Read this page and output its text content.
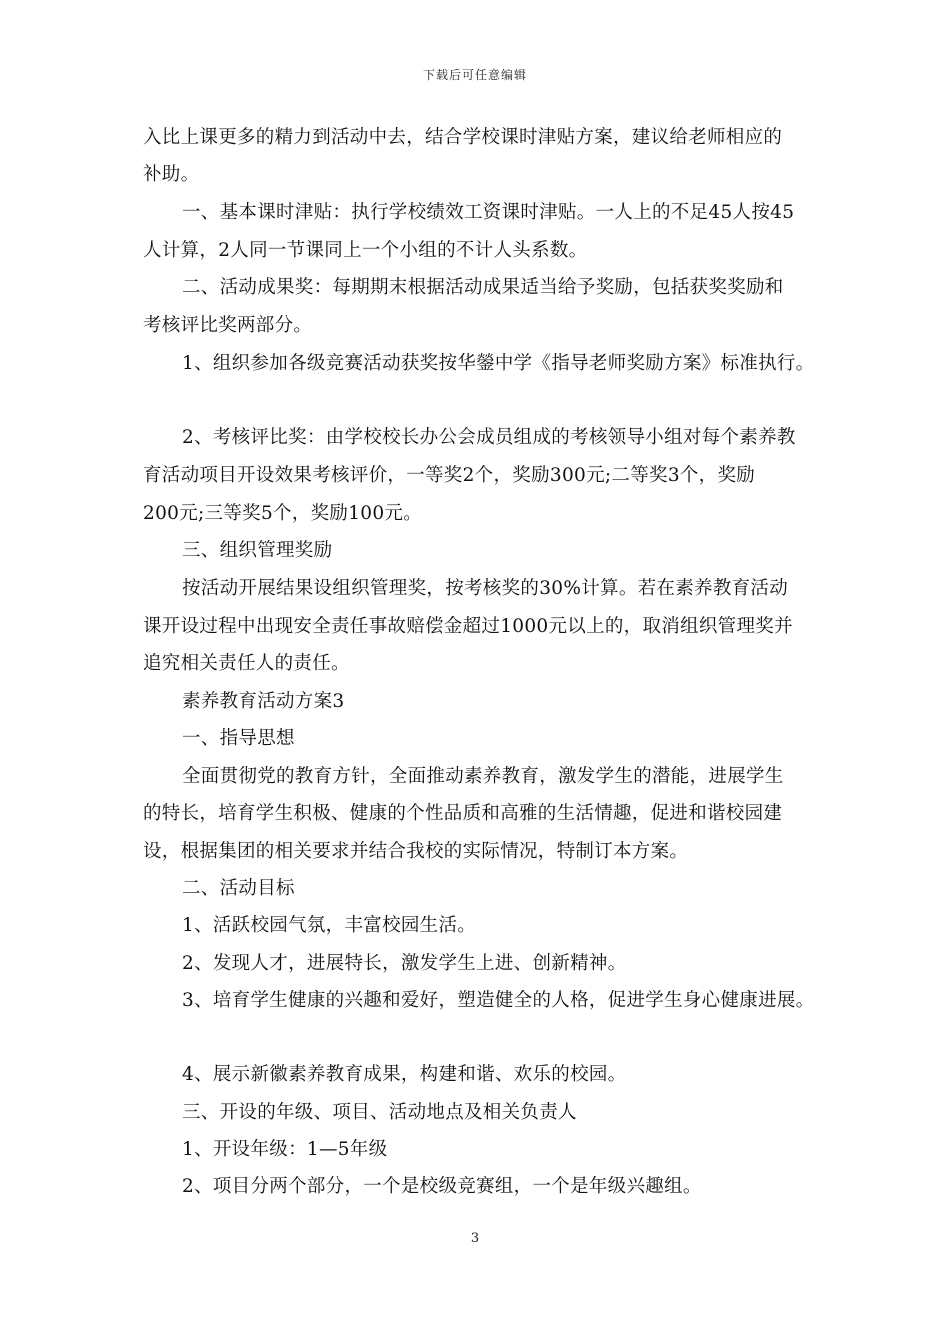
下载后可任意编辑
入比上课更多的精力到活动中去，结合学校课时津贴方案，建议给老师相应的
补助。
一、基本课时津贴：执行学校绩效工资课时津贴。一人上的不足45人按45
人计算，2人同一节课同上一个小组的不计人头系数。
二、活动成果奖：每期期末根据活动成果适当给予奖励，包括获奖奖励和
考核评比奖两部分。
1、组织参加各级竞赛活动获奖按华鎣中学《指导老师奖励方案》标准执行。
2、考核评比奖：由学校校长办公会成员组成的考核领导小组对每个素养教
育活动项目开设效果考核评价，一等奖2个，奖励300元;二等奖3个，奖励
200元;三等奖5个，奖励100元。
三、组织管理奖励
按活动开展结果设组织管理奖，按考核奖的30%计算。若在素养教育活动
课开设过程中出现安全责任事故赔偿金超过1000元以上的，取消组织管理奖并
追究相关责任人的责任。
素养教育活动方案3
一、指导思想
全面贯彻党的教育方针，全面推动素养教育，激发学生的潜能，进展学生
的特长，培育学生积极、健康的个性品质和高雅的生活情趣，促进和谐校园建
设，根据集团的相关要求并结合我校的实际情况，特制订本方案。
二、活动目标
1、活跃校园气氛，丰富校园生活。
2、发现人才，进展特长，激发学生上进、创新精神。
3、培育学生健康的兴趣和爱好，塑造健全的人格，促进学生身心健康进展。
4、展示新徽素养教育成果，构建和谐、欢乐的校园。
三、开设的年级、项目、活动地点及相关负责人
1、开设年级：1—5年级
2、项目分两个部分，一个是校级竞赛组，一个是年级兴趣组。
3
